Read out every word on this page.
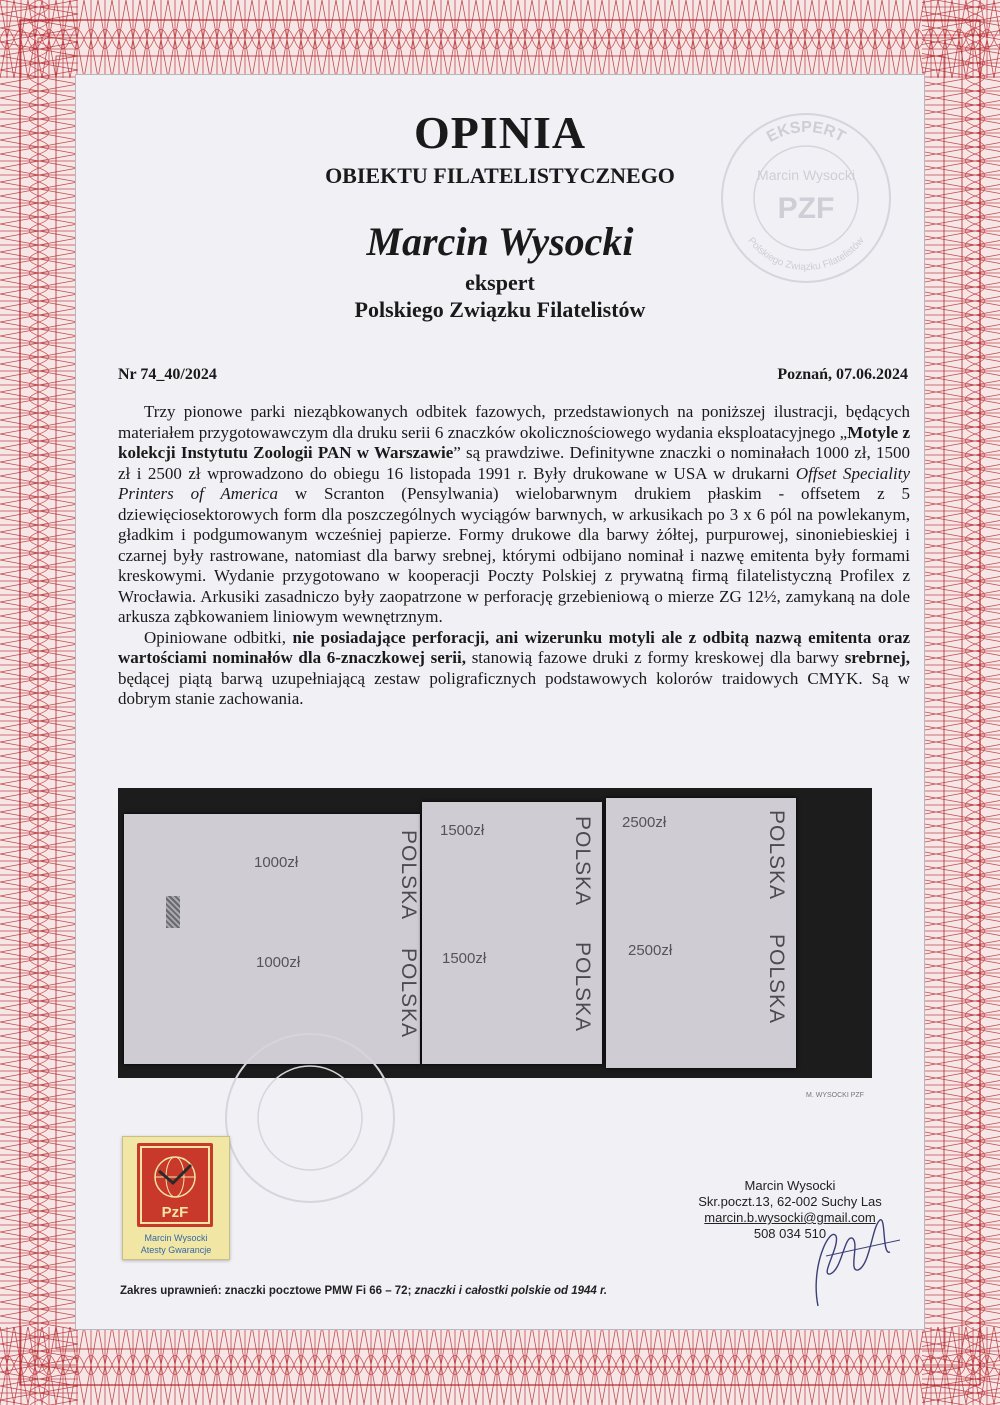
EKSPERT
Marcin Wysocki
PZF
Polskiego Związku Filatelistów
OPINIA
OBIEKTU FILATELISTYCZNEGO
Marcin Wysocki
ekspert
Polskiego Związku Filatelistów
Nr 74_40/2024	Poznań, 07.06.2024

Trzy pionowe parki nieząbkowanych odbitek fazowych, przedstawionych na poniższej ilustracji, będących materiałem przygotowawczym dla druku serii 6 znaczków okolicznościowego wydania eksploatacyjnego „Motyle z kolekcji Instytutu Zoologii PAN w Warszawie” są prawdziwe. Definitywne znaczki o nominałach 1000 zł, 1500 zł i 2500 zł wprowadzono do obiegu 16 listopada 1991 r. Były drukowane w USA w drukarni Offset Speciality Printers of America w Scranton (Pensylwania) wielobarwnym drukiem płaskim - offsetem z 5 dziewięciosektorowych form dla poszczególnych wyciągów barwnych, w arkusikach po 3 x 6 pól na powlekanym, gładkim i podgumowanym wcześniej papierze. Formy drukowe dla barwy żółtej, purpurowej, sinoniebieskiej i czarnej były rastrowane, natomiast dla barwy srebnej, którymi odbijano nominał i nazwę emitenta były formami kreskowymi. Wydanie przygotowano w kooperacji Poczty Polskiej z prywatną firmą filatelistyczną Profilex z Wrocławia. Arkusiki zasadniczo były zaopatrzone w perforację grzebieniową o mierze ZG 12½, zamykaną na dole arkusza ząbkowaniem liniowym wewnętrznym.

Opiniowane odbitki, nie posiadające perforacji, ani wizerunku motyli ale z odbitą nazwą emitenta oraz wartościami nominałów dla 6-znaczkowej serii, stanowią fazowe druki z formy kreskowej dla barwy srebrnej, będącej piątą barwą uzupełniającą zestaw poligraficznych podstawowych kolorów traidowych CMYK. Są w dobrym stanie zachowania.

1000zł
1000zł
POLSKA
POLSKA
1500zł
1500zł
POLSKA
POLSKA
2500zł
2500zł
POLSKA
POLSKA
M. WYSOCKI PZF
PzF
Marcin Wysocki
Atesty Gwarancje
Marcin Wysocki
Skr.poczt.13, 62-002 Suchy Las
marcin.b.wysocki@gmail.com
508 034 510
Zakres uprawnień: znaczki pocztowe PMW Fi 66 – 72; znaczki i całostki polskie od 1944 r.
